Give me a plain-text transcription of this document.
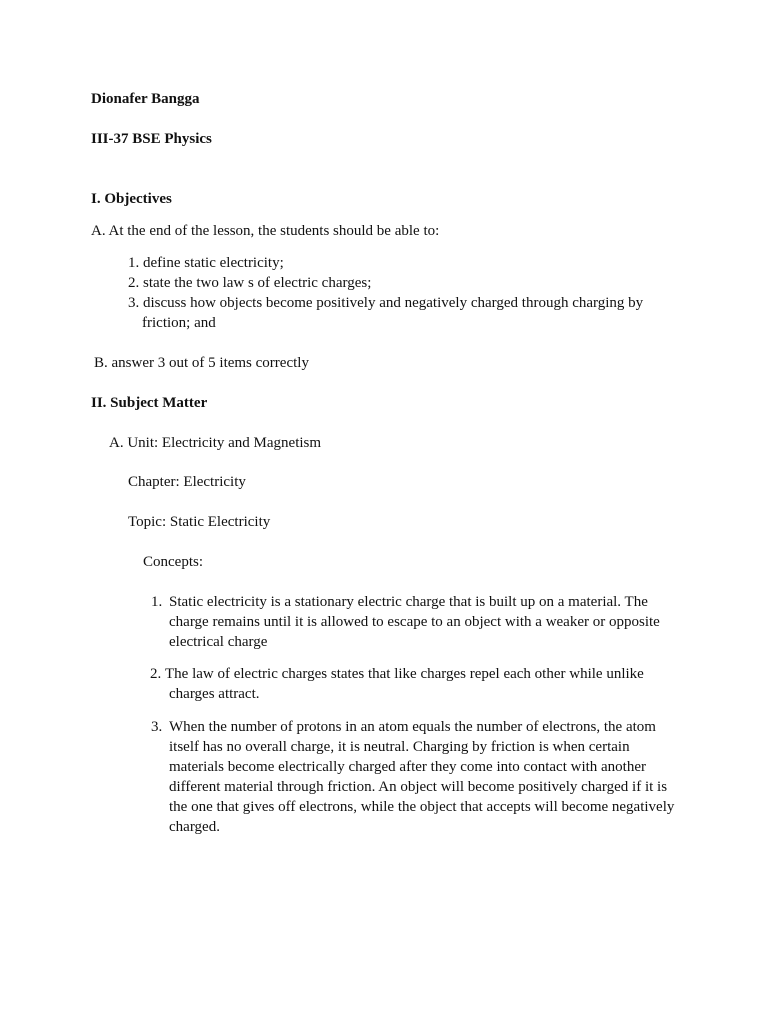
Dionafer Bangga
III-37 BSE Physics
I. Objectives
A. At the end of the lesson, the students should be able to:
1. define static electricity;
2. state the two law s of electric charges;
3. discuss how objects become positively and negatively charged through charging by
friction; and
B. answer 3 out of 5 items correctly
II. Subject Matter
A. Unit: Electricity and Magnetism
Chapter: Electricity
Topic: Static Electricity
Concepts:
1. Static electricity is a stationary electric charge that is built up on a material. The
charge remains until it is allowed to escape to an object with a weaker or opposite
electrical charge
2. The law of electric charges states that like charges repel each other while unlike
charges attract.
3. When the number of protons in an atom equals the number of electrons, the atom
itself has no overall charge, it is neutral. Charging by friction is when certain
materials become electrically charged after they come into contact with another
different material through friction. An object will become positively charged if it is
the one that gives off electrons, while the object that accepts will become negatively
charged.
